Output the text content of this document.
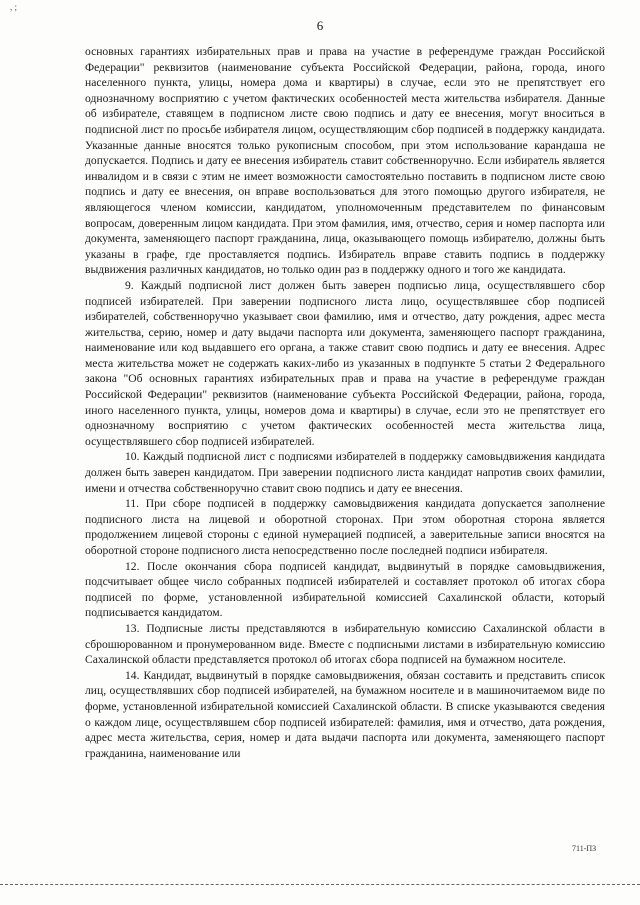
, ;
6

основных гарантиях избирательных прав и права на участие в референдуме граждан Российской Федерации" реквизитов (наименование субъекта Российской Федерации, района, города, иного населенного пункта, улицы, номера дома и квартиры) в случае, если это не препятствует его однозначному восприятию с учетом фактических особенностей места жительства избирателя. Данные об избирателе, ставящем в подписном листе свою подпись и дату ее внесения, могут вноситься в подписной лист по просьбе избирателя лицом, осуществляющим сбор подписей в поддержку кандидата. Указанные данные вносятся только рукописным способом, при этом использование карандаша не допускается. Подпись и дату ее внесения избиратель ставит собственноручно. Если избиратель является инвалидом и в связи с этим не имеет возможности самостоятельно поставить в подписном листе свою подпись и дату ее внесения, он вправе воспользоваться для этого помощью другого избирателя, не являющегося членом комиссии, кандидатом, уполномоченным представителем по финансовым вопросам, доверенным лицом кандидата. При этом фамилия, имя, отчество, серия и номер паспорта или документа, заменяющего паспорт гражданина, лица, оказывающего помощь избирателю, должны быть указаны в графе, где проставляется подпись. Избиратель вправе ставить подпись в поддержку выдвижения различных кандидатов, но только один раз в поддержку одного и того же кандидата.

9. Каждый подписной лист должен быть заверен подписью лица, осуществлявшего сбор подписей избирателей. При заверении подписного листа лицо, осуществлявшее сбор подписей избирателей, собственноручно указывает свои фамилию, имя и отчество, дату рождения, адрес места жительства, серию, номер и дату выдачи паспорта или документа, заменяющего паспорт гражданина, наименование или код выдавшего его органа, а также ставит свою подпись и дату ее внесения. Адрес места жительства может не содержать каких-либо из указанных в подпункте 5 статьи 2 Федерального закона "Об основных гарантиях избирательных прав и права на участие в референдуме граждан Российской Федерации" реквизитов (наименование субъекта Российской Федерации, района, города, иного населенного пункта, улицы, номеров дома и квартиры) в случае, если это не препятствует его однозначному восприятию с учетом фактических особенностей места жительства лица, осуществлявшего сбор подписей избирателей.

10. Каждый подписной лист с подписями избирателей в поддержку самовыдвижения кандидата должен быть заверен кандидатом. При заверении подписного листа кандидат напротив своих фамилии, имени и отчества собственноручно ставит свою подпись и дату ее внесения.

11. При сборе подписей в поддержку самовыдвижения кандидата допускается заполнение подписного листа на лицевой и оборотной сторонах. При этом оборотная сторона является продолжением лицевой стороны с единой нумерацией подписей, а заверительные записи вносятся на оборотной стороне подписного листа непосредственно после последней подписи избирателя.

12. После окончания сбора подписей кандидат, выдвинутый в порядке самовыдвижения, подсчитывает общее число собранных подписей избирателей и составляет протокол об итогах сбора подписей по форме, установленной избирательной комиссией Сахалинской области, который подписывается кандидатом.

13. Подписные листы представляются в избирательную комиссию Сахалинской области в сброшюрованном и пронумерованном виде. Вместе с подписными листами в избирательную комиссию Сахалинской области представляется протокол об итогах сбора подписей на бумажном носителе.

14. Кандидат, выдвинутый в порядке самовыдвижения, обязан составить и представить список лиц, осуществлявших сбор подписей избирателей, на бумажном носителе и в машиночитаемом виде по форме, установленной избирательной комиссией Сахалинской области. В списке указываются сведения о каждом лице, осуществлявшем сбор подписей избирателей: фамилия, имя и отчество, дата рождения, адрес места жительства, серия, номер и дата выдачи паспорта или документа, заменяющего паспорт гражданина, наименование или

711-ПЗ
